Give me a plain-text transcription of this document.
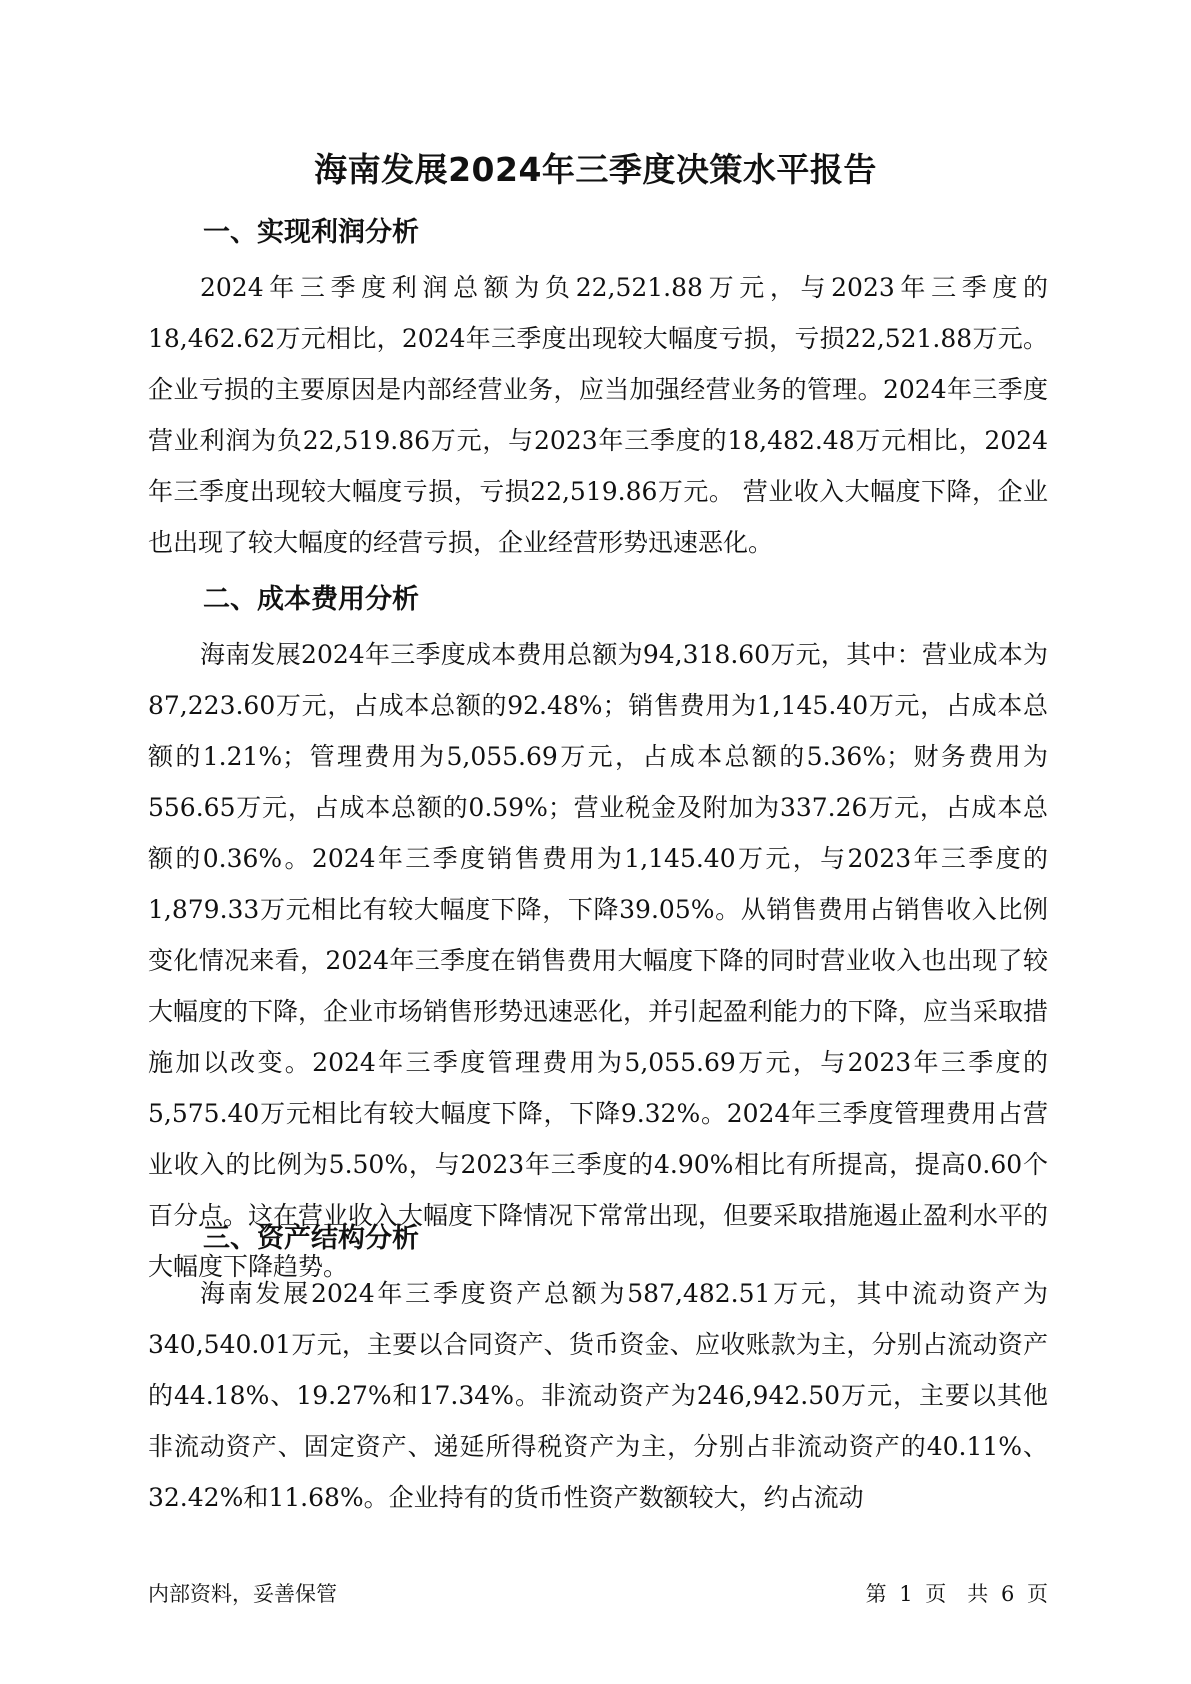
海南发展2024年三季度决策水平报告
一、实现利润分析
2024年三季度利润总额为负22,521.88万元，与2023年三季度的18,462.62万元相比，2024年三季度出现较大幅度亏损，亏损22,521.88万元。 企业亏损的主要原因是内部经营业务，应当加强经营业务的管理。2024年三季度营业利润为负22,519.86万元，与2023年三季度的18,482.48万元相比，2024年三季度出现较大幅度亏损，亏损22,519.86万元。 营业收入大幅度下降，企业也出现了较大幅度的经营亏损，企业经营形势迅速恶化。
二、成本费用分析
海南发展2024年三季度成本费用总额为94,318.60万元，其中：营业成本为87,223.60万元，占成本总额的92.48%；销售费用为1,145.40万元，占成本总额的1.21%；管理费用为5,055.69万元，占成本总额的5.36%；财务费用为556.65万元，占成本总额的0.59%；营业税金及附加为337.26万元，占成本总额的0.36%。2024年三季度销售费用为1,145.40万元，与2023年三季度的1,879.33万元相比有较大幅度下降，下降39.05%。从销售费用占销售收入比例变化情况来看，2024年三季度在销售费用大幅度下降的同时营业收入也出现了较大幅度的下降，企业市场销售形势迅速恶化，并引起盈利能力的下降，应当采取措施加以改变。2024年三季度管理费用为5,055.69万元，与2023年三季度的5,575.40万元相比有较大幅度下降，下降9.32%。2024年三季度管理费用占营业收入的比例为5.50%，与2023年三季度的4.90%相比有所提高，提高0.60个百分点。这在营业收入大幅度下降情况下常常出现，但要采取措施遏止盈利水平的大幅度下降趋势。
三、资产结构分析
海南发展2024年三季度资产总额为587,482.51万元，其中流动资产为340,540.01万元，主要以合同资产、货币资金、应收账款为主，分别占流动资产的44.18%、19.27%和17.34%。非流动资产为246,942.50万元，主要以其他非流动资产、固定资产、递延所得税资产为主，分别占非流动资产的40.11%、32.42%和11.68%。企业持有的货币性资产数额较大，约占流动
内部资料，妥善保管	第 1 页　共 6 页
